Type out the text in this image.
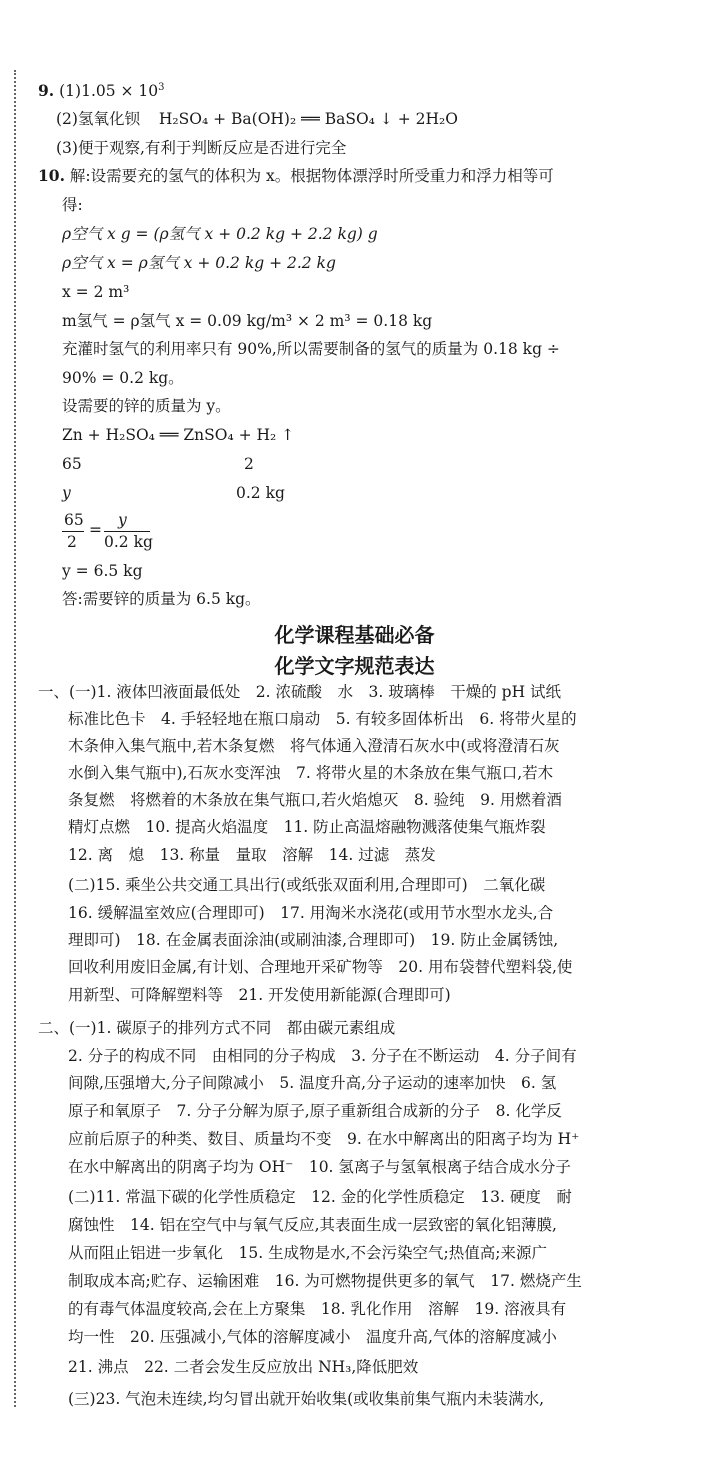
9. $(1)1.05 \times 10^3$
(2)氢氧化钡 H₂SO₄ + Ba(OH)₂ ══ BaSO₄ ↓ + 2H₂O
(3)便于观察,有利于判断反应是否进行完全
10. 解:设需要充的氢气的体积为 x。根据物体漂浮时所受重力和浮力相等可
得:
ρ空气 x g = (ρ氢气 x + 0.2 kg + 2.2 kg) g
ρ空气 x = ρ氢气 x + 0.2 kg + 2.2 kg
x = 2 m³
m氢气 = ρ氢气 x = 0.09 kg/m³ × 2 m³ = 0.18 kg
充灌时氢气的利用率只有 90%,所以需要制备的氢气的质量为 0.18 kg ÷
90% = 0.2 kg。
设需要的锌的质量为 y。
Zn + H₂SO₄ ══ ZnSO₄ + H₂ ↑
65	2
y	0.2 kg
65
2
=
y
0.2 kg
y = 6.5 kg
答:需要锌的质量为 6.5 kg。
化学课程基础必备
化学文字规范表达
一、(一)1. 液体凹液面最低处　2. 浓硫酸　水　3. 玻璃棒　干燥的 pH 试纸
标准比色卡　4. 手轻轻地在瓶口扇动　5. 有较多固体析出　6. 将带火星的
木条伸入集气瓶中,若木条复燃　将气体通入澄清石灰水中(或将澄清石灰
水倒入集气瓶中),石灰水变浑浊　7. 将带火星的木条放在集气瓶口,若木
条复燃　将燃着的木条放在集气瓶口,若火焰熄灭　8. 验纯　9. 用燃着酒
精灯点燃　10. 提高火焰温度　11. 防止高温熔融物溅落使集气瓶炸裂
12. 离　熄　13. 称量　量取　溶解　14. 过滤　蒸发
(二)15. 乘坐公共交通工具出行(或纸张双面利用,合理即可)　二氧化碳
16. 缓解温室效应(合理即可)　17. 用淘米水浇花(或用节水型水龙头,合
理即可)　18. 在金属表面涂油(或刷油漆,合理即可)　19. 防止金属锈蚀,
回收利用废旧金属,有计划、合理地开采矿物等　20. 用布袋替代塑料袋,使
用新型、可降解塑料等　21. 开发使用新能源(合理即可)
二、(一)1. 碳原子的排列方式不同　都由碳元素组成
2. 分子的构成不同　由相同的分子构成　3. 分子在不断运动　4. 分子间有
间隙,压强增大,分子间隙减小　5. 温度升高,分子运动的速率加快　6. 氢
原子和氧原子　7. 分子分解为原子,原子重新组合成新的分子　8. 化学反
应前后原子的种类、数目、质量均不变　9. 在水中解离出的阳离子均为 H⁺
在水中解离出的阴离子均为 OH⁻　10. 氢离子与氢氧根离子结合成水分子
(二)11. 常温下碳的化学性质稳定　12. 金的化学性质稳定　13. 硬度　耐
腐蚀性　14. 铝在空气中与氧气反应,其表面生成一层致密的氧化铝薄膜,
从而阻止铝进一步氧化　15. 生成物是水,不会污染空气;热值高;来源广
制取成本高;贮存、运输困难　16. 为可燃物提供更多的氧气　17. 燃烧产生
的有毒气体温度较高,会在上方聚集　18. 乳化作用　溶解　19. 溶液具有
均一性　20. 压强减小,气体的溶解度减小　温度升高,气体的溶解度减小
21. 沸点　22. 二者会发生反应放出 NH₃,降低肥效
(三)23. 气泡未连续,均匀冒出就开始收集(或收集前集气瓶内未装满水,
